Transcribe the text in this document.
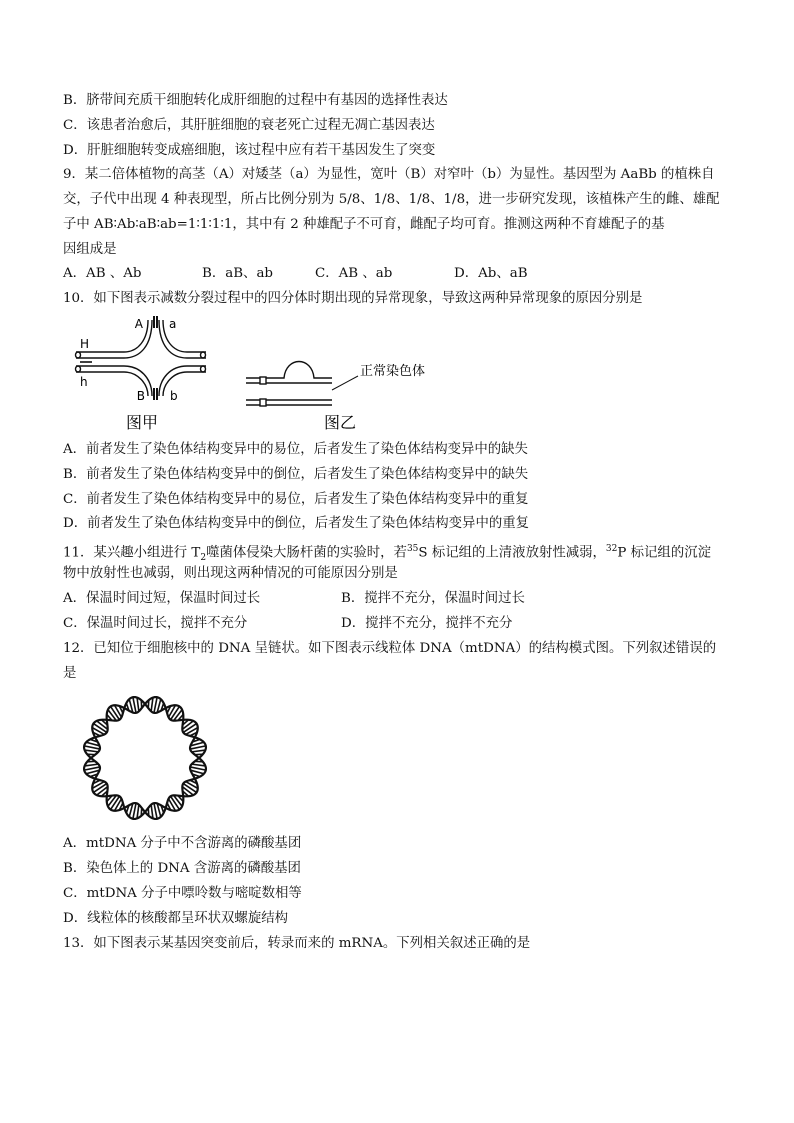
B．脐带间充质干细胞转化成肝细胞的过程中有基因的选择性表达
C．该患者治愈后，其肝脏细胞的衰老死亡过程无凋亡基因表达
D．肝脏细胞转变成癌细胞，该过程中应有若干基因发生了突变
9．某二倍体植物的高茎（A）对矮茎（a）为显性，宽叶（B）对窄叶（b）为显性。基因型为 AaBb 的植株自
交，子代中出现 4 种表现型，所占比例分别为 5/8、1/8、1/8、1/8，进一步研究发现，该植株产生的雌、雄配
子中 AB∶Ab∶aB∶ab=1∶1∶1∶1，其中有 2 种雄配子不可育，雌配子均可育。推测这两种不育雄配子的基
因组成是
A．AB 、Ab	B．aB、ab	C．AB 、ab	D．Ab、aB
10．如下图表示减数分裂过程中的四分体时期出现的异常现象，导致这两种异常现象的原因分别是
A a
H
h
B b
图甲
正常染色体
图乙
A．前者发生了染色体结构变异中的易位，后者发生了染色体结构变异中的缺失
B．前者发生了染色体结构变异中的倒位，后者发生了染色体结构变异中的缺失
C．前者发生了染色体结构变异中的易位，后者发生了染色体结构变异中的重复
D．前者发生了染色体结构变异中的倒位，后者发生了染色体结构变异中的重复
11．某兴趣小组进行 $T_2$噬菌体侵染大肠杆菌的实验时，若$^{35}$S 标记组的上清液放射性减弱，$^{32}$P 标记组的沉淀
物中放射性也减弱，则出现这两种情况的可能原因分别是
A．保温时间过短，保温时间过长	B．搅拌不充分，保温时间过长
C．保温时间过长，搅拌不充分	D．搅拌不充分，搅拌不充分
12．已知位于细胞核中的 DNA 呈链状。如下图表示线粒体 DNA（mtDNA）的结构模式图。下列叙述错误的
是
A．mtDNA 分子中不含游离的磷酸基团
B．染色体上的 DNA 含游离的磷酸基团
C．mtDNA 分子中嘌呤数与嘧啶数相等
D．线粒体的核酸都呈环状双螺旋结构
13．如下图表示某基因突变前后，转录而来的 mRNA。下列相关叙述正确的是
